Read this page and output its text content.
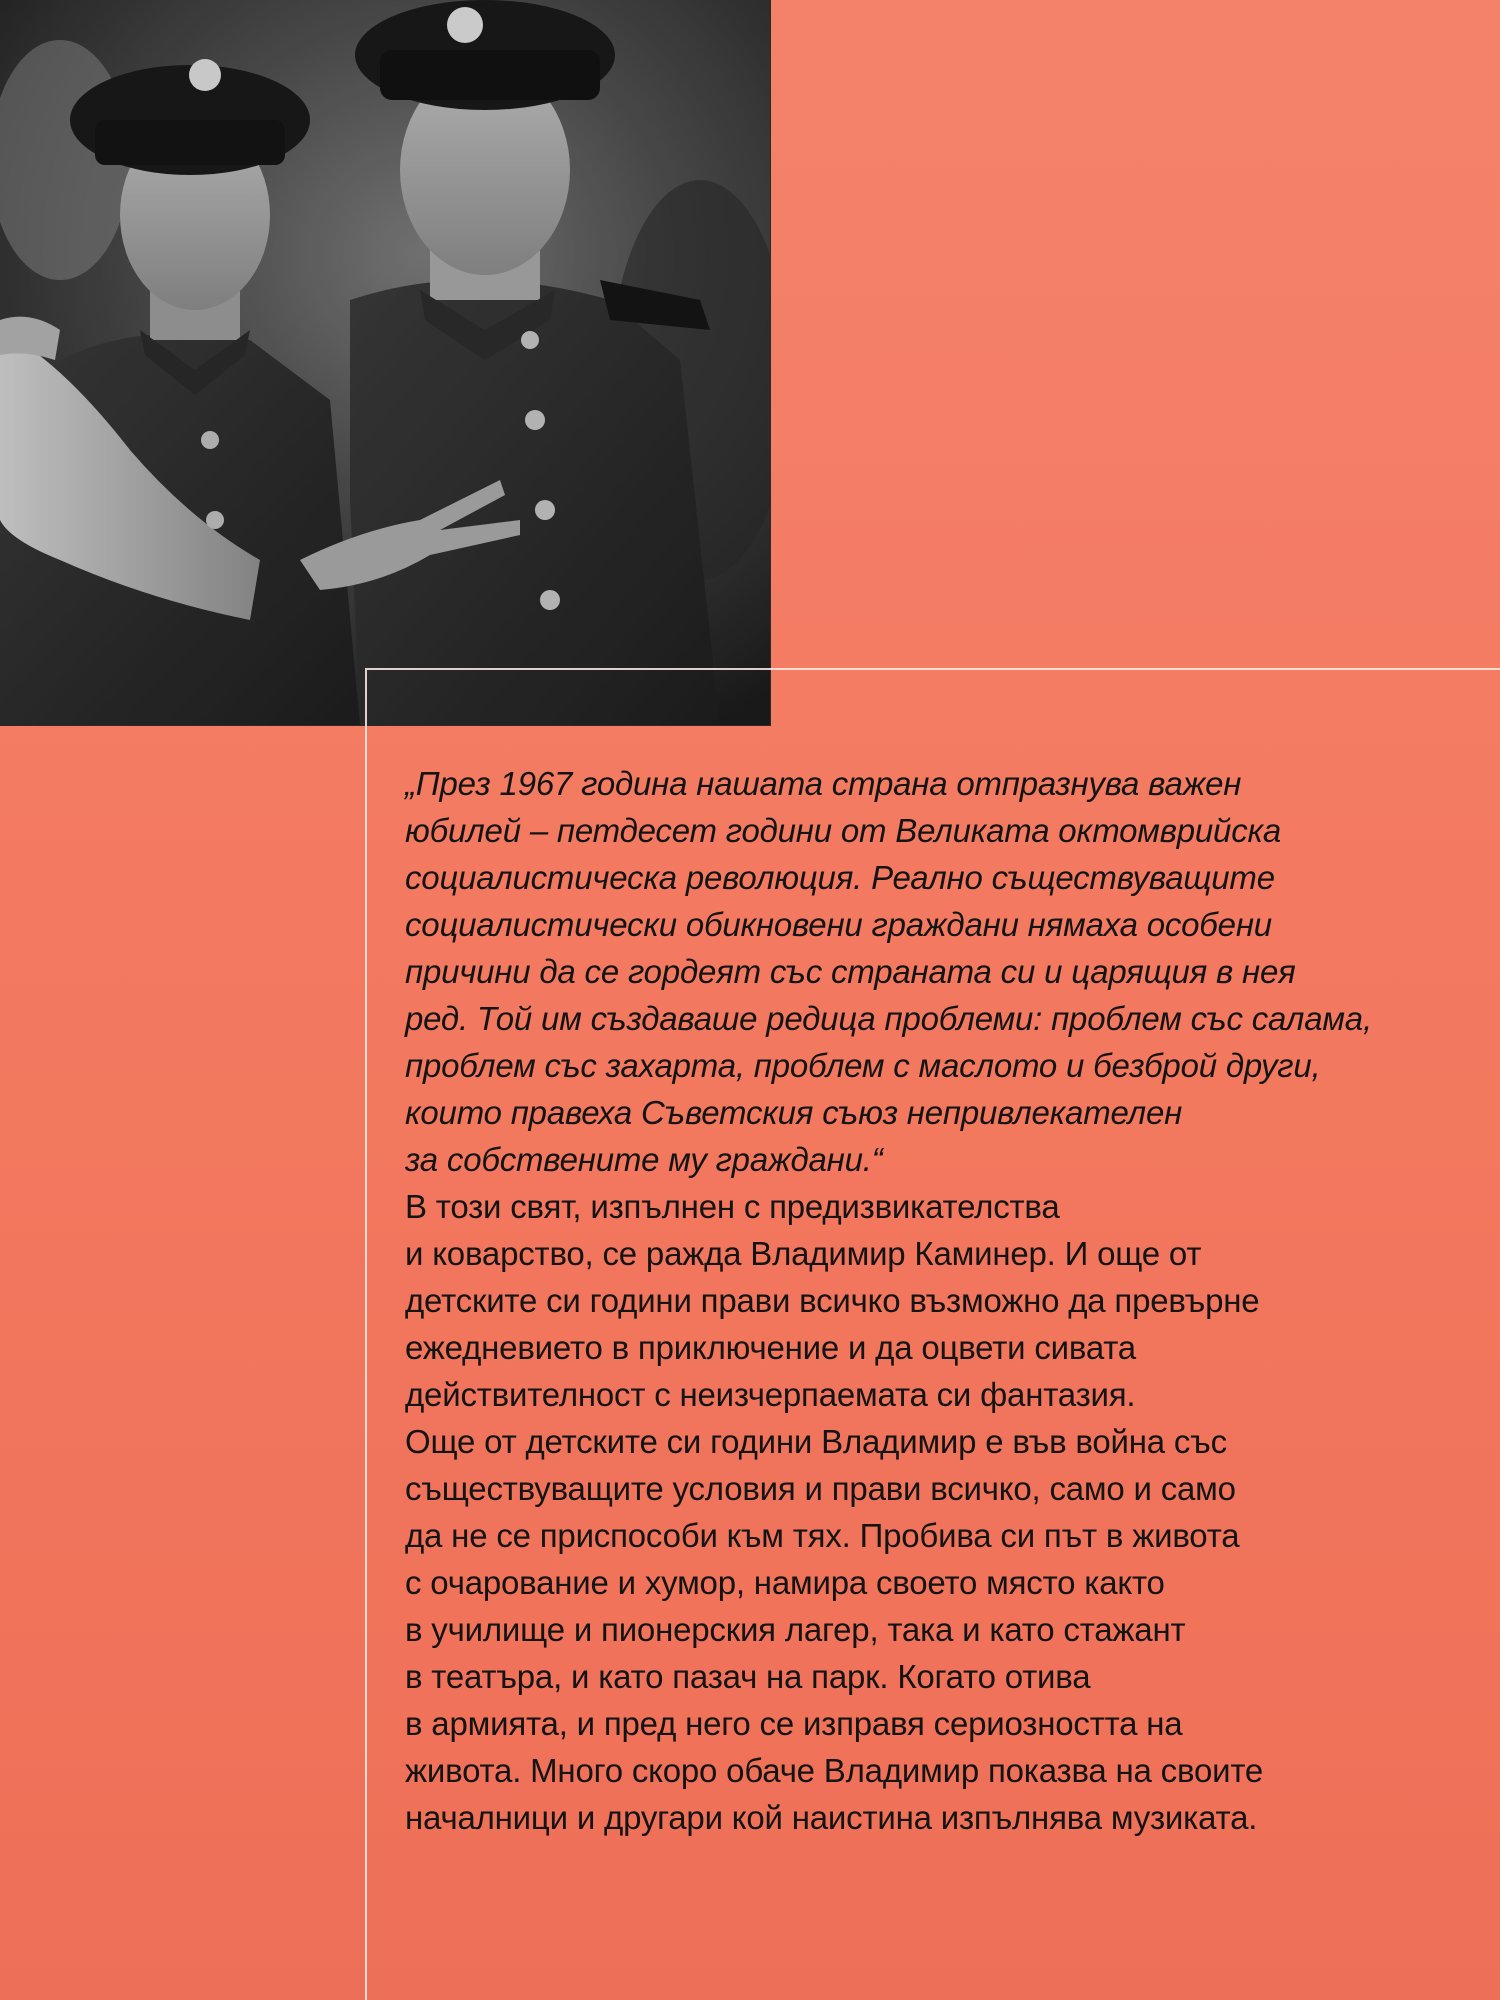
„През 1967 година нашата страна отпразнува важен
юбилей – петдесет години от Великата октомврийска
социалистическа революция. Реално съществуващите
социалистически обикновени граждани нямаха особени
причини да се гордеят със страната си и царящия в нея
ред. Той им създаваше редица проблеми: проблем със салама,
проблем със захарта, проблем с маслото и безброй други,
които правеха Съветския съюз непривлекателен
за собствените му граждани.“

В този свят, изпълнен с предизвикателства
и коварство, се ражда Владимир Каминер. И още от
детските си години прави всичко възможно да превърне
ежедневието в приключение и да оцвети сивата
действителност с неизчерпаемата си фантазия.
Още от детските си години Владимир е във война със
съществуващите условия и прави всичко, само и само
да не се приспособи към тях. Пробива си път в живота
с очарование и хумор, намира своето място както
в училище и пионерския лагер, така и като стажант
в театъра, и като пазач на парк. Когато отива
в армията, и пред него се изправя сериозността на
живота. Много скоро обаче Владимир показва на своите
началници и другари кой наистина изпълнява музиката.
